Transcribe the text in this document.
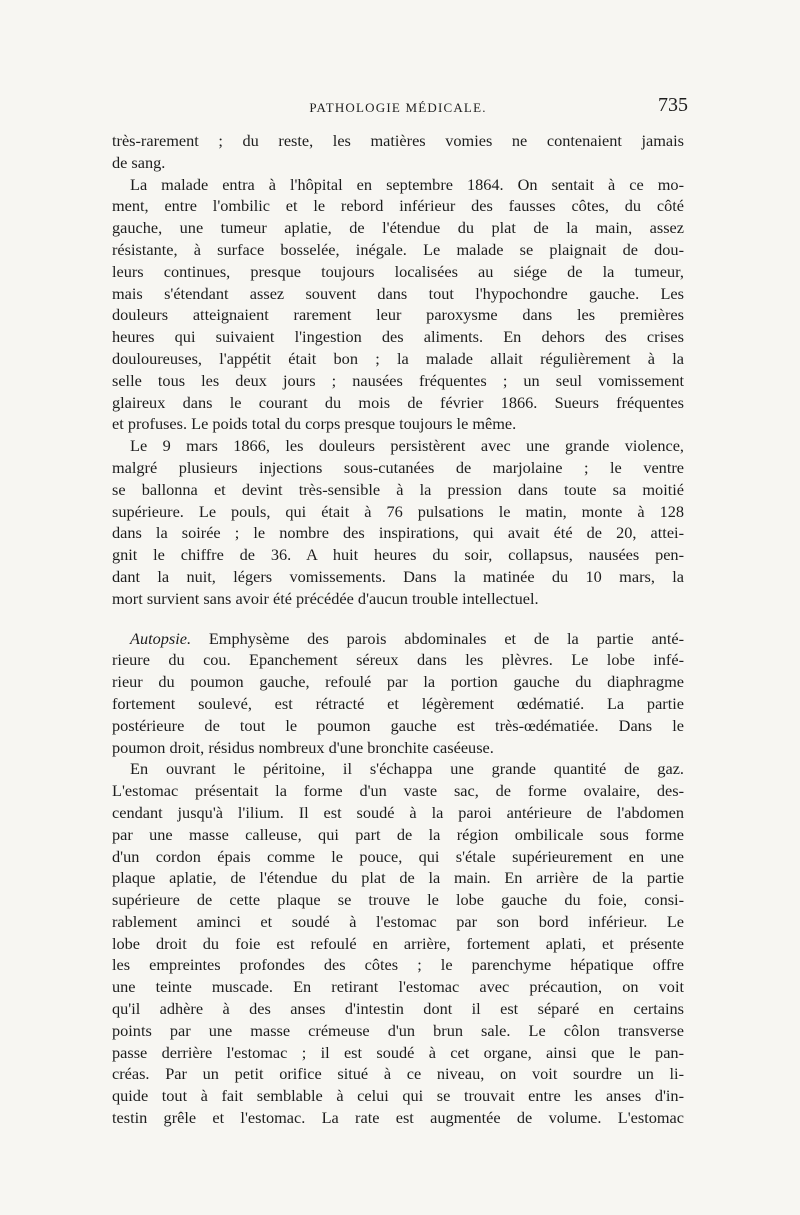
PATHOLOGIE MÉDICALE.	735
très-rarement ; du reste, les matières vomies ne contenaient jamais
de sang.
La malade entra à l'hôpital en septembre 1864. On sentait à ce mo-
ment, entre l'ombilic et le rebord inférieur des fausses côtes, du côté
gauche, une tumeur aplatie, de l'étendue du plat de la main, assez
résistante, à surface bosselée, inégale. Le malade se plaignait de dou-
leurs continues, presque toujours localisées au siége de la tumeur,
mais s'étendant assez souvent dans tout l'hypochondre gauche. Les
douleurs atteignaient rarement leur paroxysme dans les premières
heures qui suivaient l'ingestion des aliments. En dehors des crises
douloureuses, l'appétit était bon ; la malade allait régulièrement à la
selle tous les deux jours ; nausées fréquentes ; un seul vomissement
glaireux dans le courant du mois de février 1866. Sueurs fréquentes
et profuses. Le poids total du corps presque toujours le même.
Le 9 mars 1866, les douleurs persistèrent avec une grande violence,
malgré plusieurs injections sous-cutanées de marjolaine ; le ventre
se ballonna et devint très-sensible à la pression dans toute sa moitié
supérieure. Le pouls, qui était à 76 pulsations le matin, monte à 128
dans la soirée ; le nombre des inspirations, qui avait été de 20, attei-
gnit le chiffre de 36. A huit heures du soir, collapsus, nausées pen-
dant la nuit, légers vomissements. Dans la matinée du 10 mars, la
mort survient sans avoir été précédée d'aucun trouble intellectuel.
Autopsie. Emphysème des parois abdominales et de la partie anté-
rieure du cou. Epanchement séreux dans les plèvres. Le lobe infé-
rieur du poumon gauche, refoulé par la portion gauche du diaphragme
fortement soulevé, est rétracté et légèrement œdématié. La partie
postérieure de tout le poumon gauche est très-œdématiée. Dans le
poumon droit, résidus nombreux d'une bronchite caséeuse.
En ouvrant le péritoine, il s'échappa une grande quantité de gaz.
L'estomac présentait la forme d'un vaste sac, de forme ovalaire, des-
cendant jusqu'à l'ilium. Il est soudé à la paroi antérieure de l'abdomen
par une masse calleuse, qui part de la région ombilicale sous forme
d'un cordon épais comme le pouce, qui s'étale supérieurement en une
plaque aplatie, de l'étendue du plat de la main. En arrière de la partie
supérieure de cette plaque se trouve le lobe gauche du foie, consi-
rablement aminci et soudé à l'estomac par son bord inférieur. Le
lobe droit du foie est refoulé en arrière, fortement aplati, et présente
les empreintes profondes des côtes ; le parenchyme hépatique offre
une teinte muscade. En retirant l'estomac avec précaution, on voit
qu'il adhère à des anses d'intestin dont il est séparé en certains
points par une masse crémeuse d'un brun sale. Le côlon transverse
passe derrière l'estomac ; il est soudé à cet organe, ainsi que le pan-
créas. Par un petit orifice situé à ce niveau, on voit sourdre un li-
quide tout à fait semblable à celui qui se trouvait entre les anses d'in-
testin grêle et l'estomac. La rate est augmentée de volume. L'estomac
